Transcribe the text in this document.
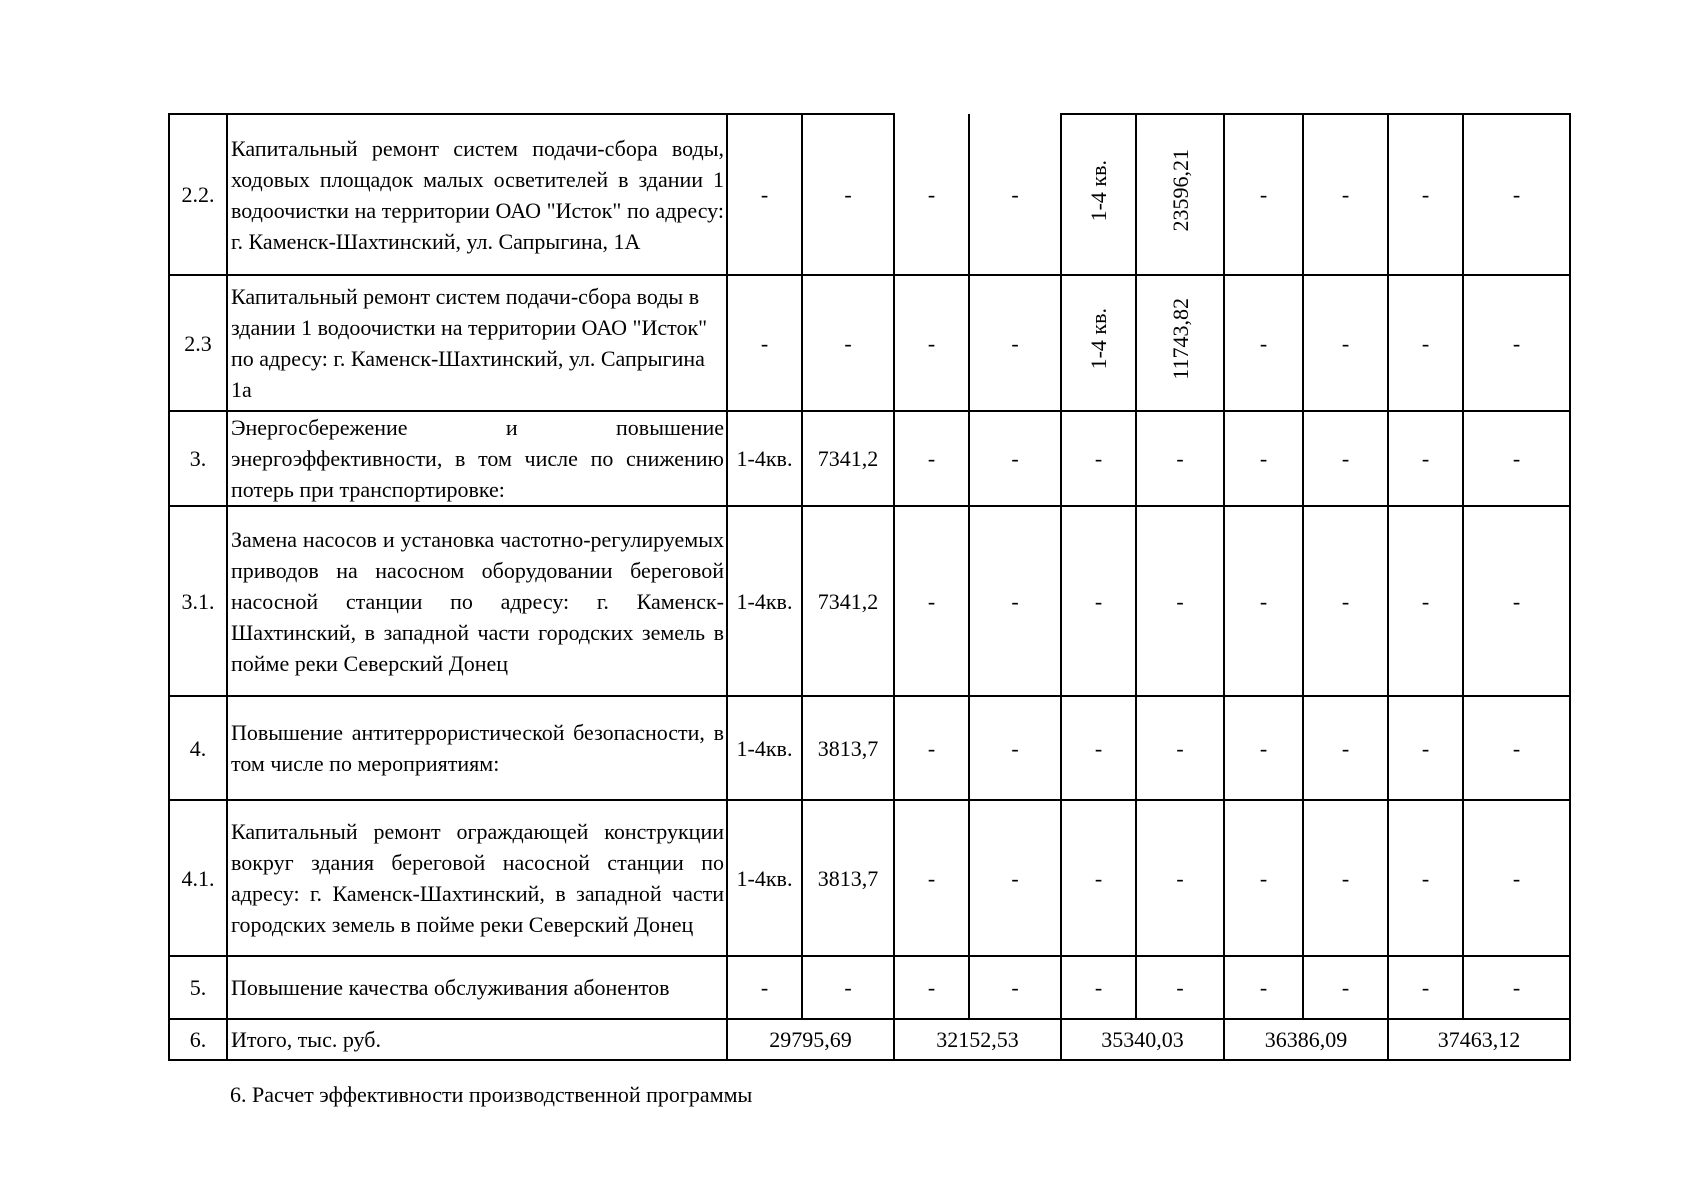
2.2.	Капитальный ремонт систем подачи-сбора воды, ходовых площадок малых осветителей в здании 1 водоочистки на территории ОАО "Исток" по адресу: г. Каменск-Шахтинский, ул. Сапрыгина, 1А	-	-	-	-	1-4 кв.	23596,21	-	-	-	-
2.3	Капитальный ремонт систем подачи-сбора воды в здании 1 водоочистки на территории ОАО "Исток" по адресу: г. Каменск-Шахтинский, ул. Сапрыгина 1а	-	-	-	-	1-4 кв.	11743,82	-	-	-	-
3.	Энергосбережение и повышение энергоэффективности, в том числе по снижению потерь при транспортировке:	1-4кв.	7341,2	-	-	-	-	-	-	-	-
3.1.	Замена насосов и установка частотно-регулируемых приводов на насосном оборудовании береговой насосной станции по адресу: г. Каменск-Шахтинский, в западной части городских земель в пойме реки Северский Донец	1-4кв.	7341,2	-	-	-	-	-	-	-	-
4.	Повышение антитеррористической безопасности, в том числе по мероприятиям:	1-4кв.	3813,7	-	-	-	-	-	-	-	-
4.1.	Капитальный ремонт ограждающей конструкции вокруг здания береговой насосной станции по адресу: г. Каменск-Шахтинский, в западной части городских земель в пойме реки Северский Донец	1-4кв.	3813,7	-	-	-	-	-	-	-	-
5.	Повышение качества обслуживания абонентов	-	-	-	-	-	-	-	-	-	-
6.	Итого, тыс. руб.	29795,69		32152,53		35340,03		36386,09		37463,12	
6. Расчет эффективности производственной программы
